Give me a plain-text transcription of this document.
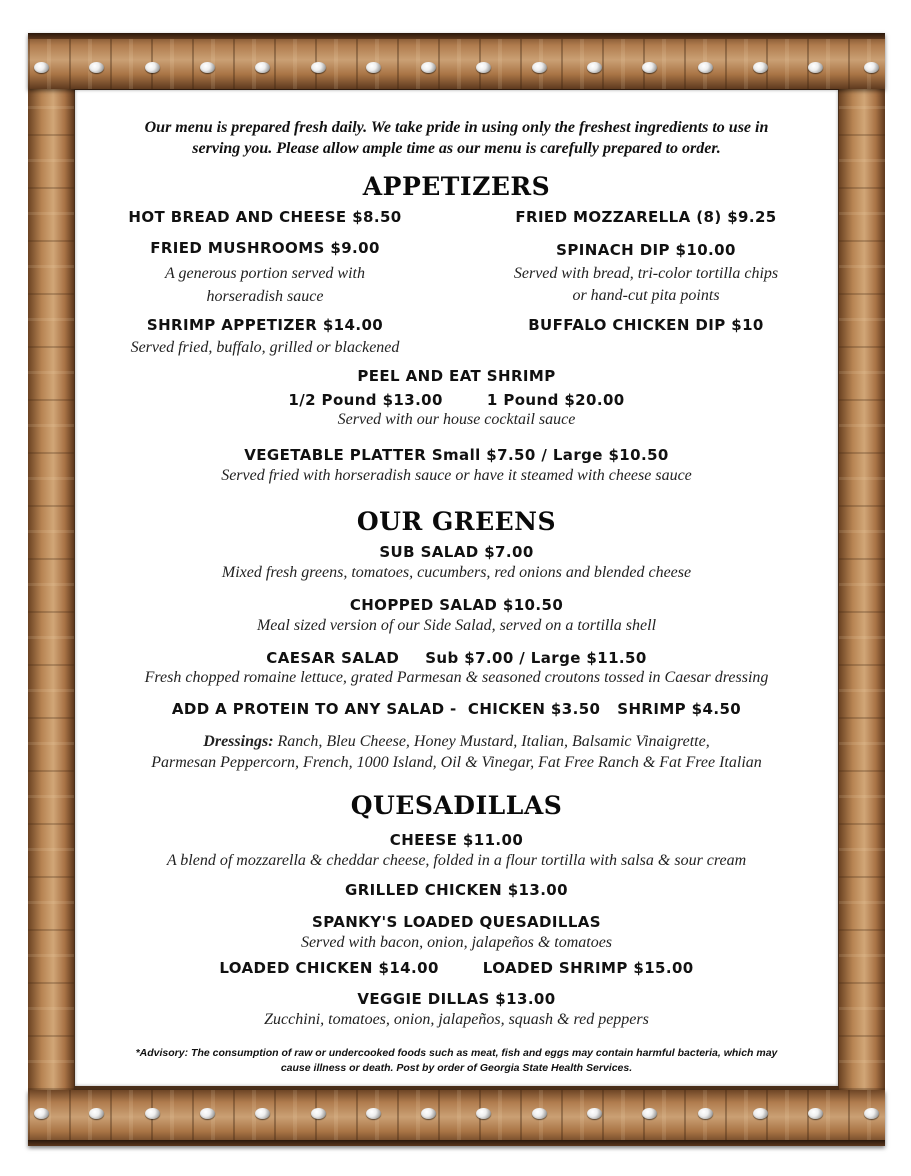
Our menu is prepared fresh daily. We take pride in using only the freshest ingredients to use in
serving you. Please allow ample time as our menu is carefully prepared to order.
APPETIZERS
HOT BREAD AND CHEESE $8.50	FRIED MOZZARELLA (8) $9.25
FRIED MUSHROOMS $9.00
A generous portion served with
horseradish sauce
SPINACH DIP $10.00
Served with bread, tri-color tortilla chips
or hand-cut pita points
SHRIMP APPETIZER $14.00
Served fried, buffalo, grilled or blackened
BUFFALO CHICKEN DIP $10
PEEL AND EAT SHRIMP
1/2 Pound $13.00	1 Pound $20.00
Served with our house cocktail sauce
VEGETABLE PLATTER Small $7.50 / Large $10.50
Served fried with horseradish sauce or have it steamed with cheese sauce
OUR GREENS
SUB SALAD $7.00
Mixed fresh greens, tomatoes, cucumbers, red onions and blended cheese
CHOPPED SALAD $10.50
Meal sized version of our Side Salad, served on a tortilla shell
CAESAR SALAD Sub $7.00 / Large $11.50
Fresh chopped romaine lettuce, grated Parmesan & seasoned croutons tossed in Caesar dressing
ADD A PROTEIN TO ANY SALAD - CHICKEN $3.50 SHRIMP $4.50
Dressings: Ranch, Bleu Cheese, Honey Mustard, Italian, Balsamic Vinaigrette,
Parmesan Peppercorn, French, 1000 Island, Oil & Vinegar, Fat Free Ranch & Fat Free Italian
QUESADILLAS
CHEESE $11.00
A blend of mozzarella & cheddar cheese, folded in a flour tortilla with salsa & sour cream
GRILLED CHICKEN $13.00
SPANKY'S LOADED QUESADILLAS
Served with bacon, onion, jalapeños & tomatoes
LOADED CHICKEN $14.00	LOADED SHRIMP $15.00
VEGGIE DILLAS $13.00
Zucchini, tomatoes, onion, jalapeños, squash & red peppers
*Advisory: The consumption of raw or undercooked foods such as meat, fish and eggs may contain harmful bacteria, which may
cause illness or death. Post by order of Georgia State Health Services.
